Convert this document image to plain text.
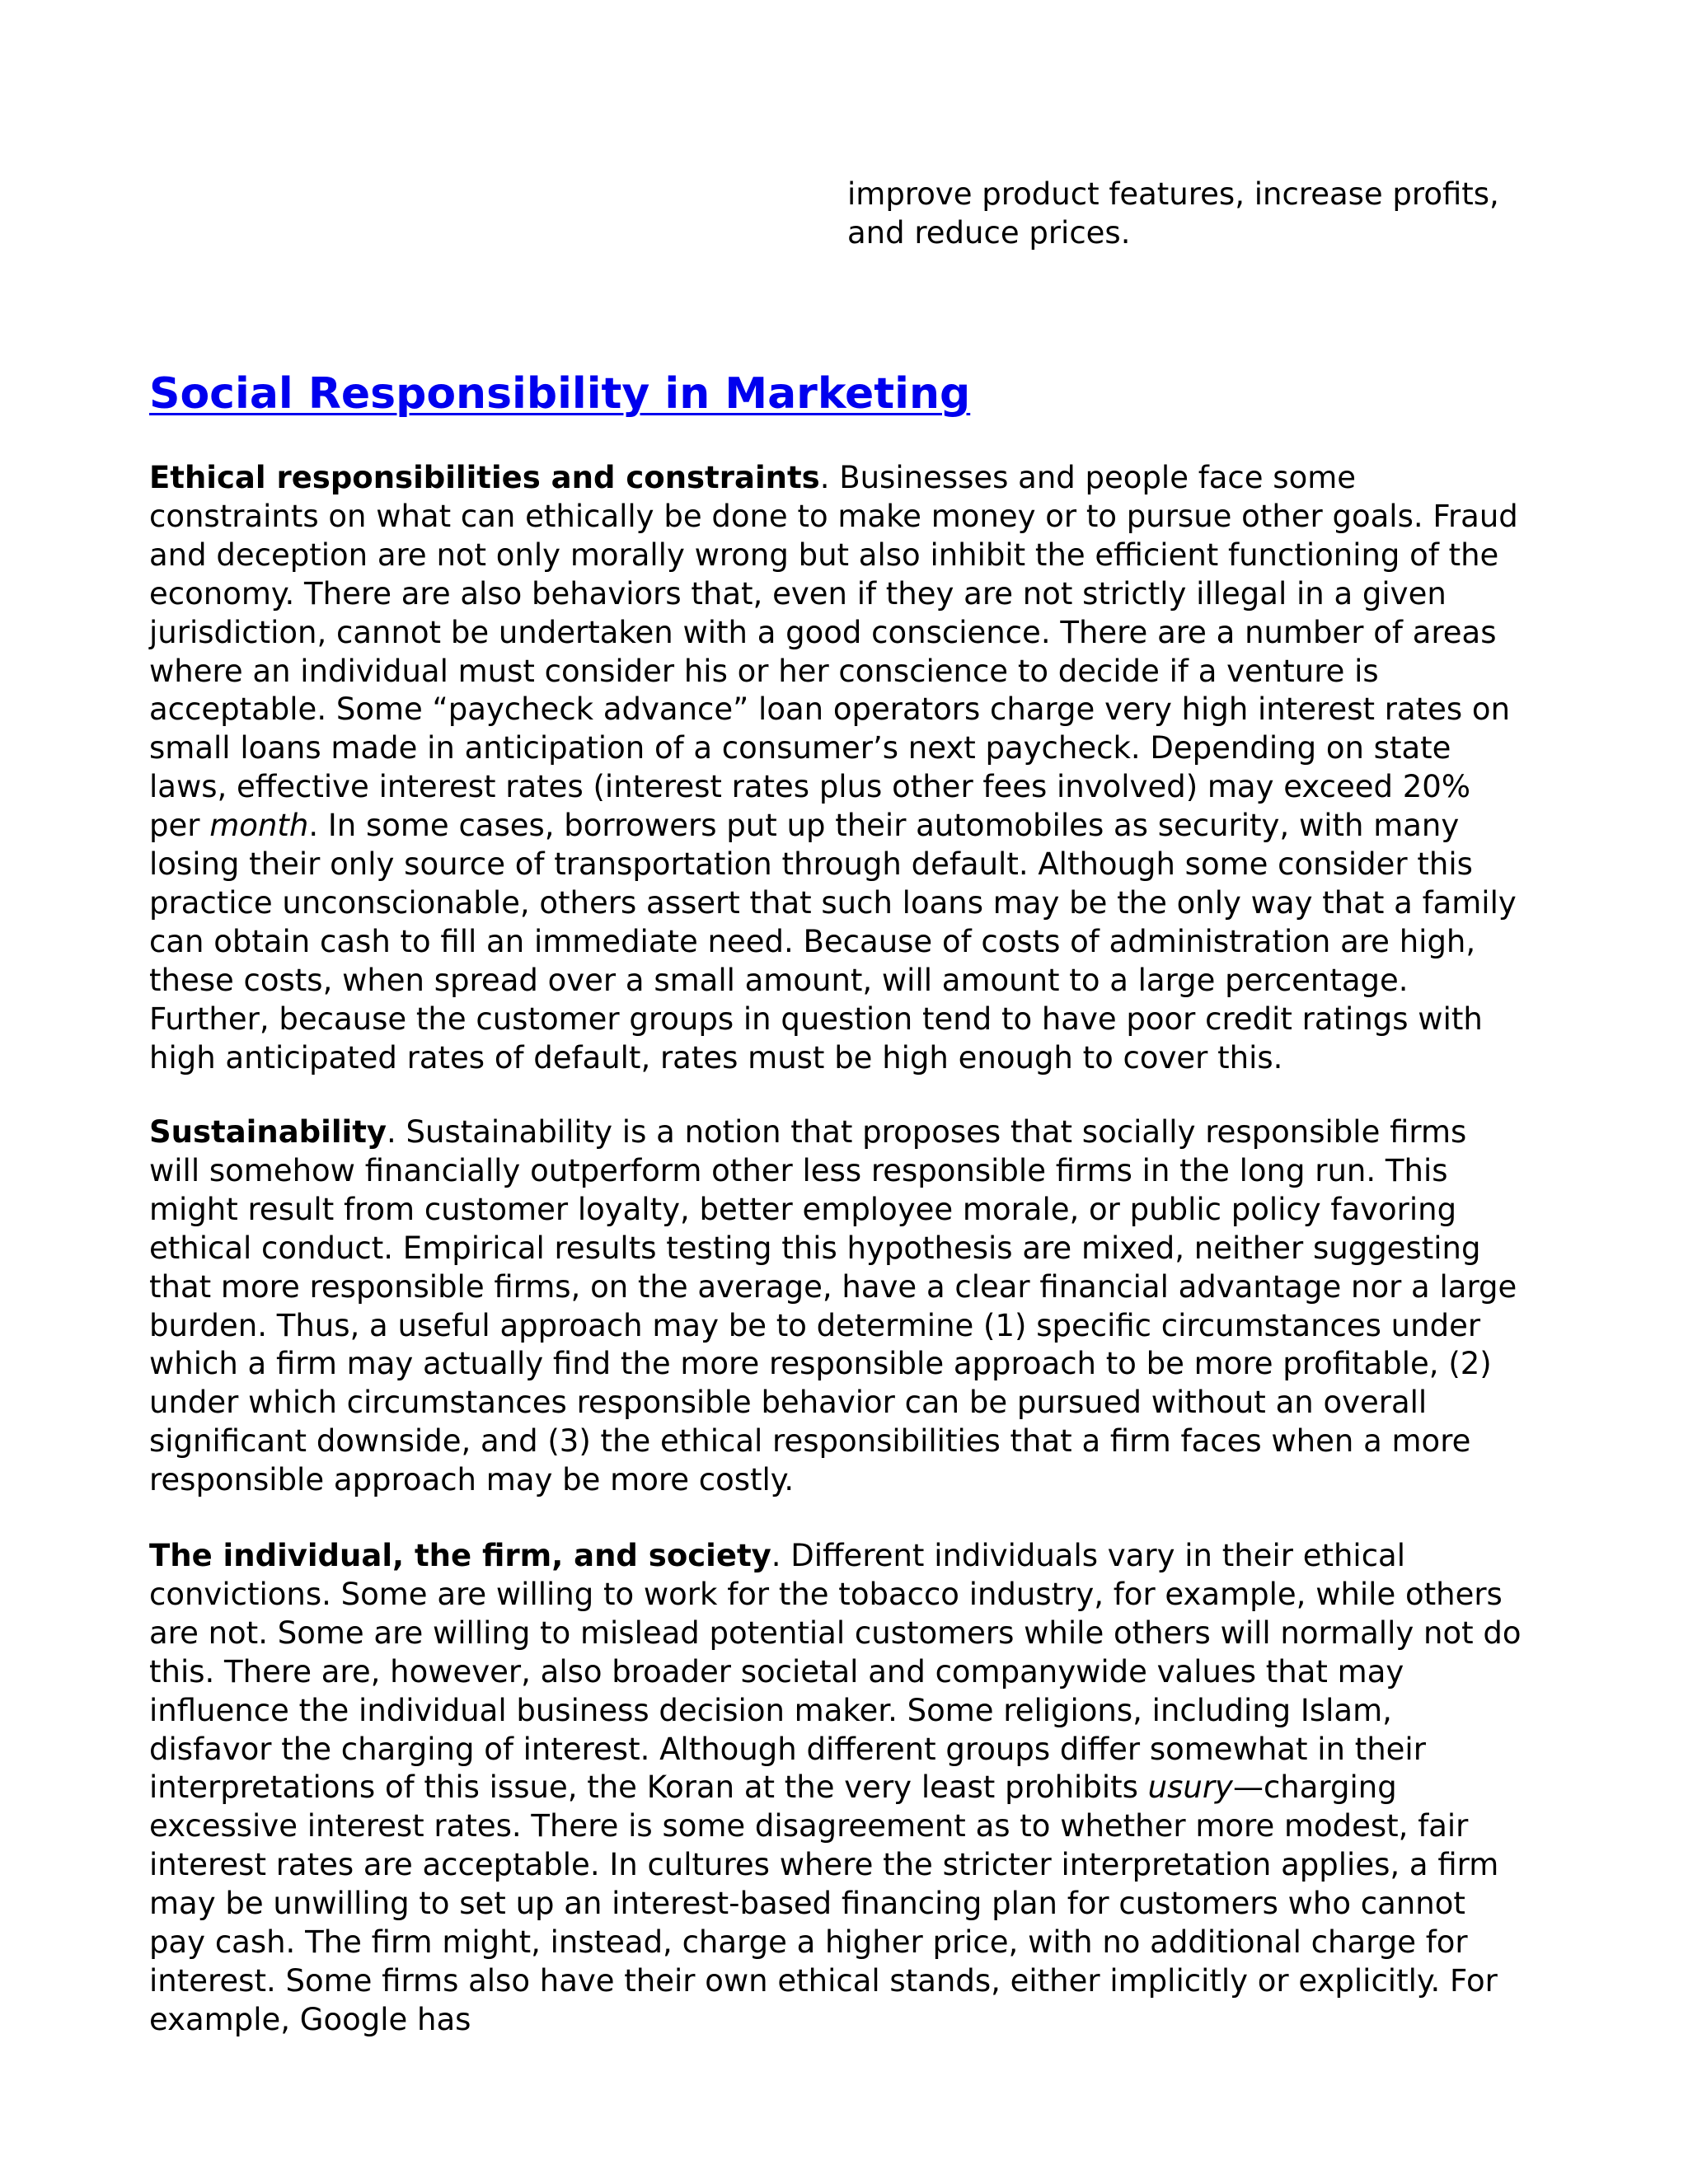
improve product features, increase profits, and reduce prices.

Social Responsibility in Marketing

Ethical responsibilities and constraints. Businesses and people face some constraints on what can ethically be done to make money or to pursue other goals. Fraud and deception are not only morally wrong but also inhibit the efficient functioning of the economy. There are also behaviors that, even if they are not strictly illegal in a given jurisdiction, cannot be undertaken with a good conscience. There are a number of areas where an individual must consider his or her conscience to decide if a venture is acceptable. Some “paycheck advance” loan operators charge very high interest rates on small loans made in anticipation of a consumer’s next paycheck. Depending on state laws, effective interest rates (interest rates plus other fees involved) may exceed 20% per month. In some cases, borrowers put up their automobiles as security, with many losing their only source of transportation through default. Although some consider this practice unconscionable, others assert that such loans may be the only way that a family can obtain cash to fill an immediate need. Because of costs of administration are high, these costs, when spread over a small amount, will amount to a large percentage. Further, because the customer groups in question tend to have poor credit ratings with high anticipated rates of default, rates must be high enough to cover this.

Sustainability. Sustainability is a notion that proposes that socially responsible firms will somehow financially outperform other less responsible firms in the long run. This might result from customer loyalty, better employee morale, or public policy favoring ethical conduct. Empirical results testing this hypothesis are mixed, neither suggesting that more responsible firms, on the average, have a clear financial advantage nor a large burden. Thus, a useful approach may be to determine (1) specific circumstances under which a firm may actually find the more responsible approach to be more profitable, (2) under which circumstances responsible behavior can be pursued without an overall significant downside, and (3) the ethical responsibilities that a firm faces when a more responsible approach may be more costly.

The individual, the firm, and society. Different individuals vary in their ethical convictions. Some are willing to work for the tobacco industry, for example, while others are not. Some are willing to mislead potential customers while others will normally not do this. There are, however, also broader societal and companywide values that may influence the individual business decision maker. Some religions, including Islam, disfavor the charging of interest. Although different groups differ somewhat in their interpretations of this issue, the Koran at the very least prohibits usury—charging excessive interest rates. There is some disagreement as to whether more modest, fair interest rates are acceptable. In cultures where the stricter interpretation applies, a firm may be unwilling to set up an interest-based financing plan for customers who cannot pay cash. The firm might, instead, charge a higher price, with no additional charge for interest. Some firms also have their own ethical stands, either implicitly or explicitly. For example, Google has
